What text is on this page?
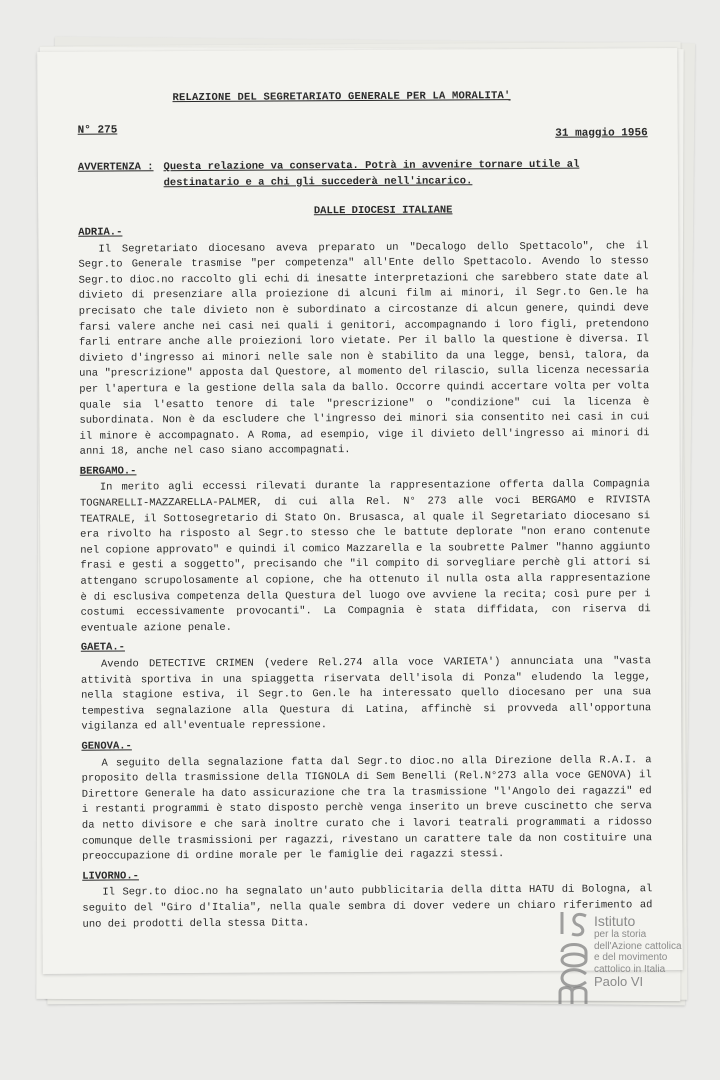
RELAZIONE DEL SEGRETARIATO GENERALE PER LA MORALITA'
N° 275	31 maggio 1956
AVVERTENZA : Questa relazione va conservata. Potrà in avvenire tornare utile al destinatario e a chi gli succederà nell'incarico.
DALLE DIOCESI ITALIANE
ADRIA.-
Il Segretariato diocesano aveva preparato un "Decalogo dello Spettacolo", che il Segr.to Generale trasmise "per competenza" all'Ente dello Spettacolo. Avendo lo stesso Segr.to dioc.no raccolto gli echi di inesatte interpretazioni che sarebbero state date al divieto di presenziare alla proiezione di alcuni film ai minori, il Segr.to Gen.le ha precisato che tale divieto non è subordinato a circostanze di alcun genere, quindi deve farsi valere anche nei casi nei quali i genitori, accompagnando i loro figli, pretendono farli entrare anche alle proiezioni loro vietate. Per il ballo la questione è diversa. Il divieto d'ingresso ai minori nelle sale non è stabilito da una legge, bensì, talora, da una "prescrizione" apposta dal Questore, al momento del rilascio, sulla licenza necessaria per l'apertura e la gestione della sala da ballo. Occorre quindi accertare volta per volta quale sia l'esatto tenore di tale "prescrizione" o "condizione" cui la licenza è subordinata. Non è da escludere che l'ingresso dei minori sia consentito nei casi in cui il minore è accompagnato. A Roma, ad esempio, vige il divieto dell'ingresso ai minori di anni 18, anche nel caso siano accompagnati.
BERGAMO.-
In merito agli eccessi rilevati durante la rappresentazione offerta dalla Compagnia TOGNARELLI-MAZZARELLA-PALMER, di cui alla Rel. N° 273 alle voci BERGAMO e RIVISTA TEATRALE, il Sottosegretario di Stato On. Brusasca, al quale il Segretariato diocesano si era rivolto ha risposto al Segr.to stesso che le battute deplorate "non erano contenute nel copione approvato" e quindi il comico Mazzarella e la soubrette Palmer "hanno aggiunto frasi e gesti a soggetto", precisando che "il compito di sorvegliare perchè gli attori si attengano scrupolosamente al copione, che ha ottenuto il nulla osta alla rappresentazione è di esclusiva competenza della Questura del luogo ove avviene la recita; così pure per i costumi eccessivamente provocanti". La Compagnia è stata diffidata, con riserva di eventuale azione penale.
GAETA.-
Avendo DETECTIVE CRIMEN (vedere Rel.274 alla voce VARIETA') annunciata una "vasta attività sportiva in una spiaggetta riservata dell'isola di Ponza" eludendo la legge, nella stagione estiva, il Segr.to Gen.le ha interessato quello diocesano per una sua tempestiva segnalazione alla Questura di Latina, affinchè si provveda all'opportuna vigilanza ed all'eventuale repressione.
GENOVA.-
A seguito della segnalazione fatta dal Segr.to dioc.no alla Direzione della R.A.I. a proposito della trasmissione della TIGNOLA di Sem Benelli (Rel.N°273 alla voce GENOVA) il Direttore Generale ha dato assicurazione che tra la trasmissione "l'Angolo dei ragazzi" ed i restanti programmi è stato disposto perchè venga inserito un breve cuscinetto che serva da netto divisore e che sarà inoltre curato che i lavori teatrali programmati a ridosso comunque delle trasmissioni per ragazzi, rivestano un carattere tale da non costituire una preoccupazione di ordine morale per le famiglie dei ragazzi stessi.
LIVORNO.-
Il Segr.to dioc.no ha segnalato un'auto pubblicitaria della ditta HATU di Bologna, al seguito del "Giro d'Italia", nella quale sembra di dover vedere un chiaro riferimento ad uno dei prodotti della stessa Ditta.	Istituto
per la storia
dell'Azione cattolica
e del movimento
cattolico in Italia
Paolo VI
